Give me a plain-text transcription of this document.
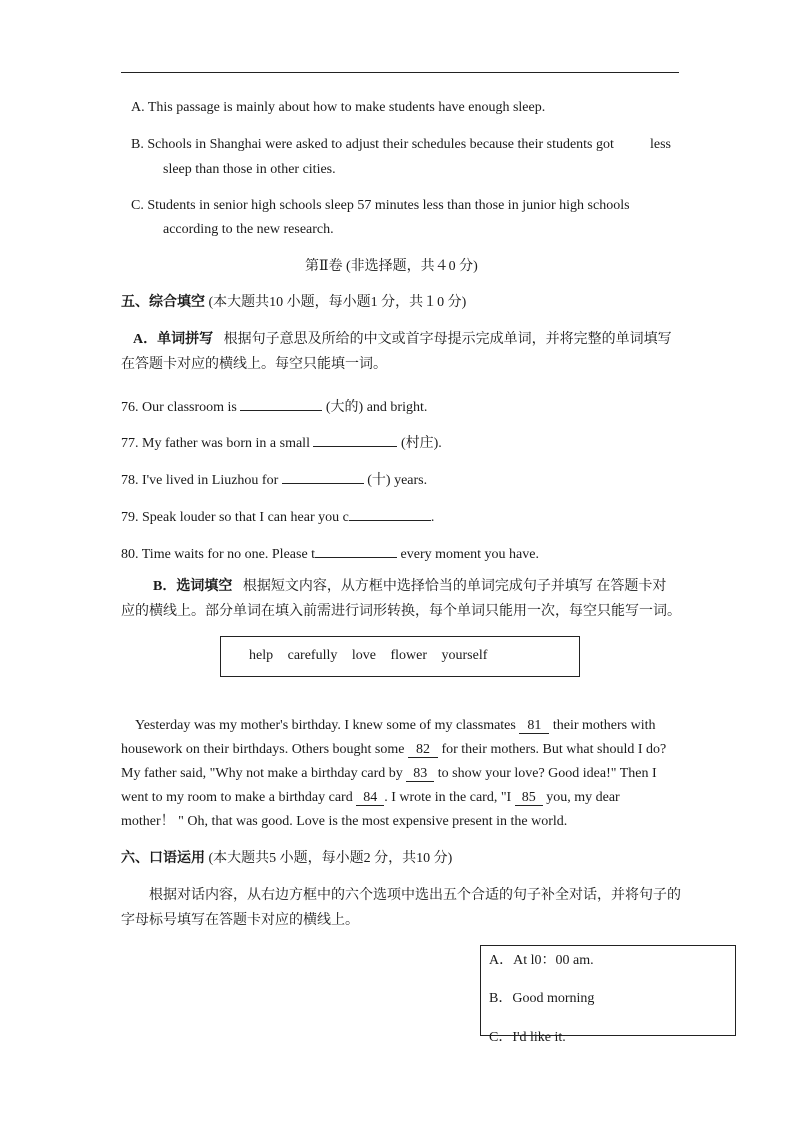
A. This passage is mainly about how to make students have enough sleep.
B. Schools in Shanghai were asked to adjust their schedules because their students got	less
sleep than those in other cities.
C. Students in senior high schools sleep 57 minutes less than those in junior high schools
according to the new research.
第Ⅱ卷 (非选择题，共４0 分)
五、综合填空 (本大题共10 小题，每小题1 分，共１0 分)
A．单词拼写 根据句子意思及所给的中文或首字母提示完成单词，并将完整的单词填写
在答题卡对应的横线上。每空只能填一词。
76. Our classroom is	(大的) and bright.
77. My father was born in a small	(村庄).
78. I've lived in Liuzhou for	(十) years.
79. Speak louder so that I can hear you c	.
80. Time waits for no one. Please t	every moment you have.
B．选词填空 根据短文内容，从方框中选择恰当的单词完成句子并填写 在答题卡对
应的横线上。部分单词在填入前需进行词形转换，每个单词只能用一次，每空只能写一词。
help carefully love flower yourself
Yesterday was my mother's birthday. I knew some of my classmates 81 their mothers with
housework on their birthdays. Others bought some 82 for their mothers. But what should I do?
My father said, "Why not make a birthday card by 83 to show your love? Good idea!" Then I
went to my room to make a birthday card 84 . I wrote in the card, "I 85 you, my dear
mother！ " Oh, that was good. Love is the most expensive present in the world.
六、口语运用 (本大题共5 小题，每小题2 分，共10 分)
根据对话内容，从右边方框中的六个选项中选出五个合适的句子补全对话，并将句子的
字母标号填写在答题卡对应的横线上。
A．At l0：00 am.
B．Good morning
C．I'd like it.
